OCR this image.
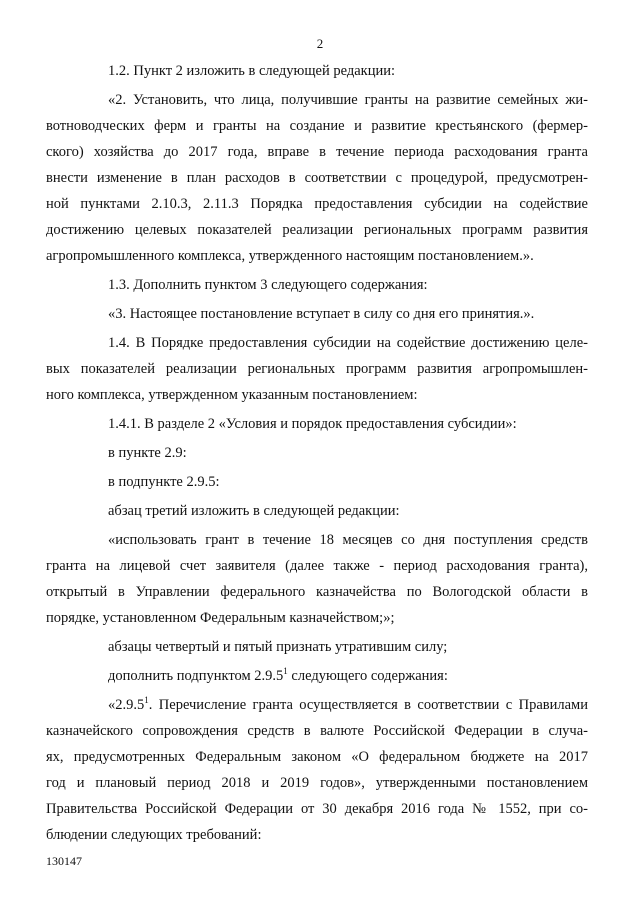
2

1.2. Пункт 2 изложить в следующей редакции:

«2. Установить, что лица, получившие гранты на развитие семейных жи-

вотноводческих ферм и гранты на создание и развитие крестьянского (фермер-

ского) хозяйства до 2017 года, вправе в течение периода расходования гранта

внести изменение в план расходов в соответствии с процедурой, предусмотрен-

ной пунктами 2.10.3, 2.11.3 Порядка предоставления субсидии на содействие

достижению целевых показателей реализации региональных программ развития

агропромышленного комплекса, утвержденного настоящим постановлением.».

1.3. Дополнить пунктом 3 следующего содержания:

«3. Настоящее постановление вступает в силу со дня его принятия.».

1.4. В Порядке предоставления субсидии на содействие достижению целе-

вых показателей реализации региональных программ развития агропромышлен-

ного комплекса, утвержденном указанным постановлением:

1.4.1. В разделе 2 «Условия и порядок предоставления субсидии»:

в пункте 2.9:

в подпункте 2.9.5:

абзац третий изложить в следующей редакции:

«использовать грант в течение 18 месяцев со дня поступления средств

гранта на лицевой счет заявителя (далее также - период расходования гранта),

открытый в Управлении федерального казначейства по Вологодской области в

порядке, установленном Федеральным казначейством;»;

абзацы четвертый и пятый признать утратившим силу;

дополнить подпунктом 2.9.5$^1$ следующего содержания:

«2.9.5$^1$. Перечисление гранта осуществляется в соответствии с Правилами

казначейского сопровождения средств в валюте Российской Федерации в случа-

ях, предусмотренных Федеральным законом «О федеральном бюджете на 2017

год и плановый период 2018 и 2019 годов», утвержденными постановлением

Правительства Российской Федерации от 30 декабря 2016 года № 1552, при со-

блюдении следующих требований:

130147
